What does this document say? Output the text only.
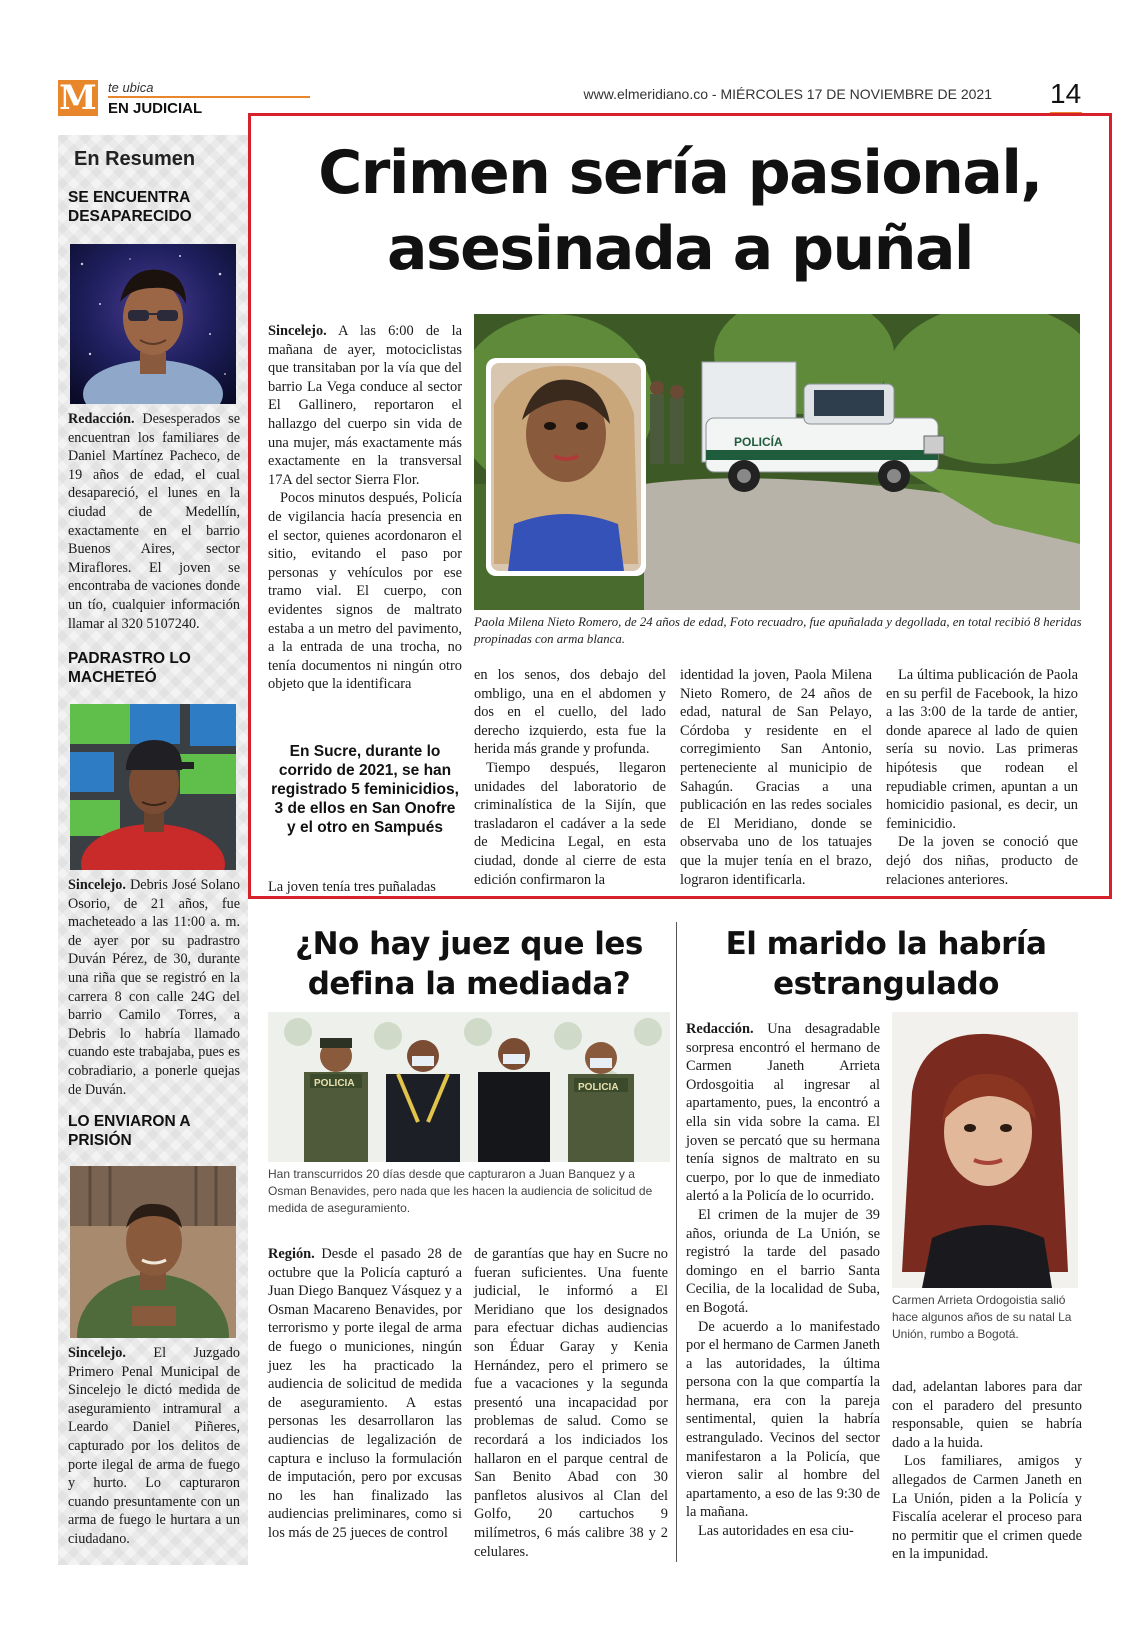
M te ubica
EN JUDICIAL
www.elmeridiano.co - MIÉRCOLES 17 DE NOVIEMBRE DE 2021 14
En Resumen
SE ENCUENTRA DESAPARECIDO
Redacción. Desesperados se encuentran los familiares de Daniel Martínez Pacheco, de 19 años de edad, el cual desapareció, el lunes en la ciudad de Medellín, exactamente en el barrio Buenos Aires, sector Miraflores. El joven se encontraba de vaciones donde un tío, cualquier información llamar al 320 5107240.
PADRASTRO LO MACHETEÓ
Sincelejo. Debris José Solano Osorio, de 21 años, fue macheteado a las 11:00 a. m. de ayer por su padrastro Duván Pérez, de 30, durante una riña que se registró en la carrera 8 con calle 24G del barrio Camilo Torres, a Debris lo habría llamado cuando este trabajaba, pues es cobradiario, a ponerle quejas de Duván.
LO ENVIARON A PRISIÓN
Sincelejo. El Juzgado Primero Penal Municipal de Sincelejo le dictó medida de aseguramiento intramural a Leardo Daniel Piñeres, capturado por los delitos de porte ilegal de arma de fuego y hurto. Lo capturaron cuando presuntamente con un arma de fuego le hurtara a un ciudadano.
Crimen sería pasional, asesinada a puñal

Sincelejo. A las 6:00 de la mañana de ayer, motociclistas que transitaban por la vía que del barrio La Vega conduce al sector El Gallinero, reportaron el hallazgo del cuerpo sin vida de una mujer, más exactamente más exactamente en la transversal 17A del sector Sierra Flor.

Pocos minutos después, Policía de vigilancia hacía presencia en el sector, quienes acordonaron el sitio, evitando el paso por personas y vehículos por ese tramo vial. El cuerpo, con evidentes signos de maltrato estaba a un metro del pavimento, a la entrada de una trocha, no tenía documentos ni ningún otro objeto que la identificara

En Sucre, durante lo corrido de 2021, se han registrado 5 feminicidios, 3 de ellos en San Onofre y el otro en Sampués

La joven tenía tres puñaladas

POLICÍA
Paola Milena Nieto Romero, de 24 años de edad, Foto recuadro, fue apuñalada y degollada, en total recibió 8 heridas propinadas con arma blanca.

en los senos, dos debajo del ombligo, una en el abdomen y dos en el cuello, del lado derecho izquierdo, esta fue la herida más grande y profunda.

Tiempo después, llegaron unidades del laboratorio de criminalística de la Sijín, que trasladaron el cadáver a la sede de Medicina Legal, en esta ciudad, donde al cierre de esta edición confirmaron la

identidad la joven, Paola Milena Nieto Romero, de 24 años de edad, natural de San Pelayo, Córdoba y residente en el corregimiento San Antonio, perteneciente al municipio de Sahagún. Gracias a una publicación en las redes sociales de El Meridiano, donde se observaba uno de los tatuajes que la mujer tenía en el brazo, lograron identificarla.

La última publicación de Paola en su perfil de Facebook, la hizo a las 3:00 de la tarde de antier, donde aparece al lado de quien sería su novio. Las primeras hipótesis que rodean el repudiable crimen, apuntan a un homicidio pasional, es decir, un feminicidio.

De la joven se conoció que dejó dos niñas, producto de relaciones anteriores.

¿No hay juez que les defina la mediada?
POLICIA	POLICIA
Han transcurridos 20 días desde que capturaron a Juan Banquez y a Osman Benavides, pero nada que les hacen la audiencia de solicitud de medida de aseguramiento.

Región. Desde el pasado 28 de octubre que la Policía capturó a Juan Diego Banquez Vásquez y a Osman Macareno Benavides, por terrorismo y porte ilegal de arma de fuego o municiones, ningún juez les ha practicado la audiencia de solicitud de medida de aseguramiento. A estas personas les desarrollaron las audiencias de legalización de captura e incluso la formulación de imputación, pero por excusas no les han finalizado las audiencias preliminares, como si los más de 25 jueces de control

de garantías que hay en Sucre no fueran suficientes. Una fuente judicial, le informó a El Meridiano que los designados para efectuar dichas audiencias son Éduar Garay y Kenia Hernández, pero el primero se fue a vacaciones y la segunda presentó una incapacidad por problemas de salud. Como se recordará a los indiciados los hallaron en el parque central de San Benito Abad con 30 panfletos alusivos al Clan del Golfo, 20 cartuchos 9 milímetros, 6 más calibre 38 y 2 celulares.

El marido la habría estrangulado

Redacción. Una desagradable sorpresa encontró el hermano de Carmen Janeth Arrieta Ordosgoitia al ingresar al apartamento, pues, la encontró a ella sin vida sobre la cama. El joven se percató que su hermana tenía signos de maltrato en su cuerpo, por lo que de inmediato alertó a la Policía de lo ocurrido.

El crimen de la mujer de 39 años, oriunda de La Unión, se registró la tarde del pasado domingo en el barrio Santa Cecilia, de la localidad de Suba, en Bogotá.

De acuerdo a lo manifestado por el hermano de Carmen Janeth a las autoridades, la última persona con la que compartía la hermana, era con la pareja sentimental, quien la habría estrangulado. Vecinos del sector manifestaron a la Policía, que vieron salir al hombre del apartamento, a eso de las 9:30 de la mañana.

Las autoridades en esa ciu-

Carmen Arrieta Ordogoistia salió hace algunos años de su natal La Unión, rumbo a Bogotá.

dad, adelantan labores para dar con el paradero del presunto responsable, quien se habría dado a la huida.

Los familiares, amigos y allegados de Carmen Janeth en La Unión, piden a la Policía y Fiscalía acelerar el proceso para no permitir que el crimen quede en la impunidad.
